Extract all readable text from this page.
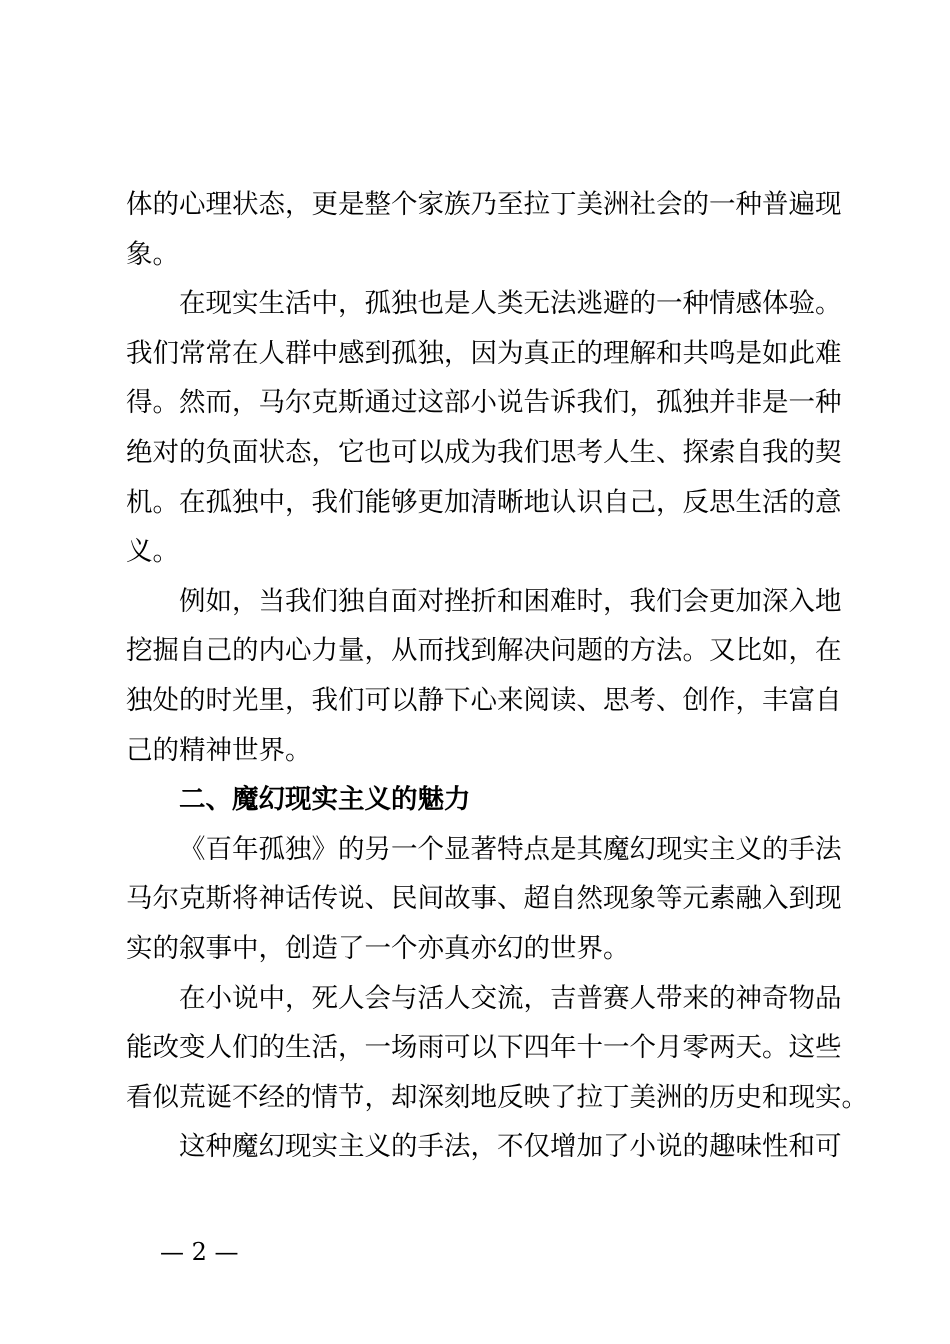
体的心理状态，更是整个家族乃至拉丁美洲社会的一种普遍现
象。
在现实生活中，孤独也是人类无法逃避的一种情感体验。
我们常常在人群中感到孤独，因为真正的理解和共鸣是如此难
得。然而，马尔克斯通过这部小说告诉我们，孤独并非是一种
绝对的负面状态，它也可以成为我们思考人生、探索自我的契
机。在孤独中，我们能够更加清晰地认识自己，反思生活的意
义。
例如，当我们独自面对挫折和困难时，我们会更加深入地
挖掘自己的内心力量，从而找到解决问题的方法。又比如，在
独处的时光里，我们可以静下心来阅读、思考、创作，丰富自
己的精神世界。
二、魔幻现实主义的魅力
《百年孤独》的另一个显著特点是其魔幻现实主义的手法
马尔克斯将神话传说、民间故事、超自然现象等元素融入到现
实的叙事中，创造了一个亦真亦幻的世界。
在小说中，死人会与活人交流，吉普赛人带来的神奇物品
能改变人们的生活，一场雨可以下四年十一个月零两天。这些
看似荒诞不经的情节，却深刻地反映了拉丁美洲的历史和现实。
这种魔幻现实主义的手法，不仅增加了小说的趣味性和可
— 2 —
